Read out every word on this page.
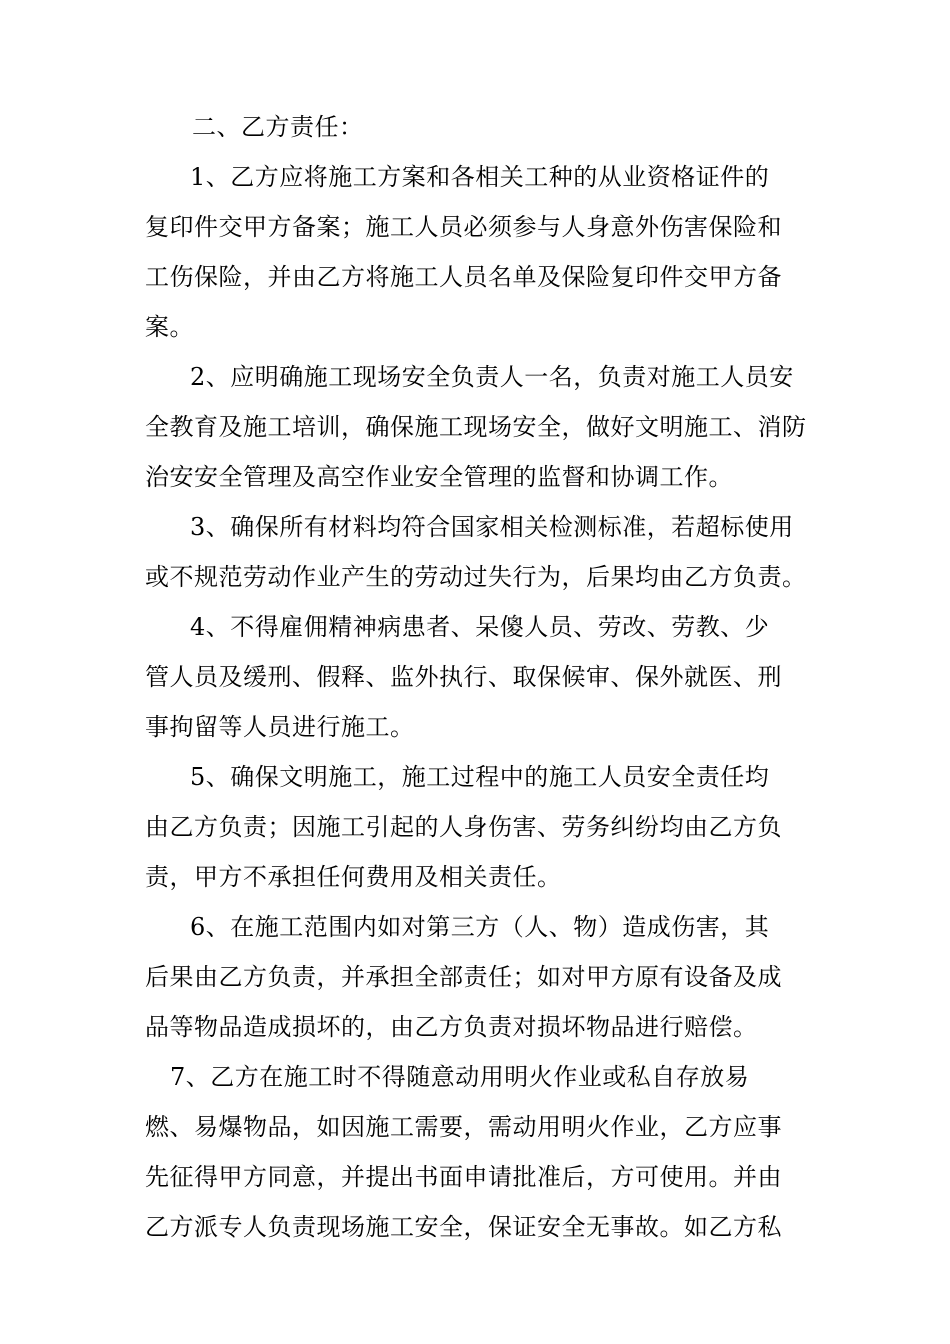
二、乙方责任：
1、乙方应将施工方案和各相关工种的从业资格证件的
复印件交甲方备案；施工人员必须参与人身意外伤害保险和
工伤保险，并由乙方将施工人员名单及保险复印件交甲方备
案。
2、应明确施工现场安全负责人一名，负责对施工人员安
全教育及施工培训，确保施工现场安全，做好文明施工、消防
治安安全管理及高空作业安全管理的监督和协调工作。
3、确保所有材料均符合国家相关检测标准，若超标使用
或不规范劳动作业产生的劳动过失行为，后果均由乙方负责。
4、不得雇佣精神病患者、呆傻人员、劳改、劳教、少
管人员及缓刑、假释、监外执行、取保候审、保外就医、刑
事拘留等人员进行施工。
5、确保文明施工，施工过程中的施工人员安全责任均
由乙方负责；因施工引起的人身伤害、劳务纠纷均由乙方负
责，甲方不承担任何费用及相关责任。
6、在施工范围内如对第三方（人、物）造成伤害，其
后果由乙方负责，并承担全部责任；如对甲方原有设备及成
品等物品造成损坏的，由乙方负责对损坏物品进行赔偿。
7、乙方在施工时不得随意动用明火作业或私自存放易
燃、易爆物品，如因施工需要，需动用明火作业，乙方应事
先征得甲方同意，并提出书面申请批准后，方可使用。并由
乙方派专人负责现场施工安全，保证安全无事故。如乙方私
